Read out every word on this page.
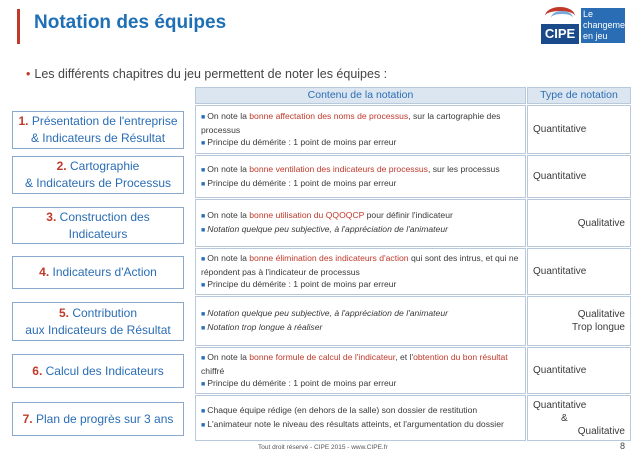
Notation des équipes
CIPE
Le
changement
en jeu
• Les différents chapitres du jeu permettent de noter les équipes :
Contenu de la notation	Type de notation
1. Présentation de l'entreprise
& Indicateurs de Résultat
2. Cartographie
& Indicateurs de Processus
3. Construction des
Indicateurs
4. Indicateurs d'Action
5. Contribution
aux Indicateurs de Résultat
6. Calcul des Indicateurs
7. Plan de progrès sur 3 ans
■ On note la bonne affectation des noms de processus, sur la cartographie des processus
■ Principe du démérite : 1 point de moins par erreur
Quantitative
■ On note la bonne ventilation des indicateurs de processus, sur les processus
■ Principe du démérite : 1 point de moins par erreur
Quantitative
■ On note la bonne utilisation du QQOQCP pour définir l'indicateur
■ Notation quelque peu subjective, à l'appréciation de l'animateur
Qualitative
■ On note la bonne élimination des indicateurs d'action qui sont des intrus, et qui ne répondent pas à l'indicateur de processus
■ Principe du démérite : 1 point de moins par erreur
Quantitative
■ Notation quelque peu subjective, à l'appréciation de l'animateur
■ Notation trop longue à réaliser
Qualitative
Trop longue
■ On note la bonne formule de calcul de l'indicateur, et l'obtention du bon résultat chiffré
■ Principe du démérite : 1 point de moins par erreur
Quantitative
■ Chaque équipe rédige (en dehors de la salle) son dossier de restitution
■ L'animateur note le niveau des résultats atteints, et l'argumentation du dossier
Quantitative
&
Qualitative
Tout droit réservé - CIPE 2015 - www.CIPE.fr	8
